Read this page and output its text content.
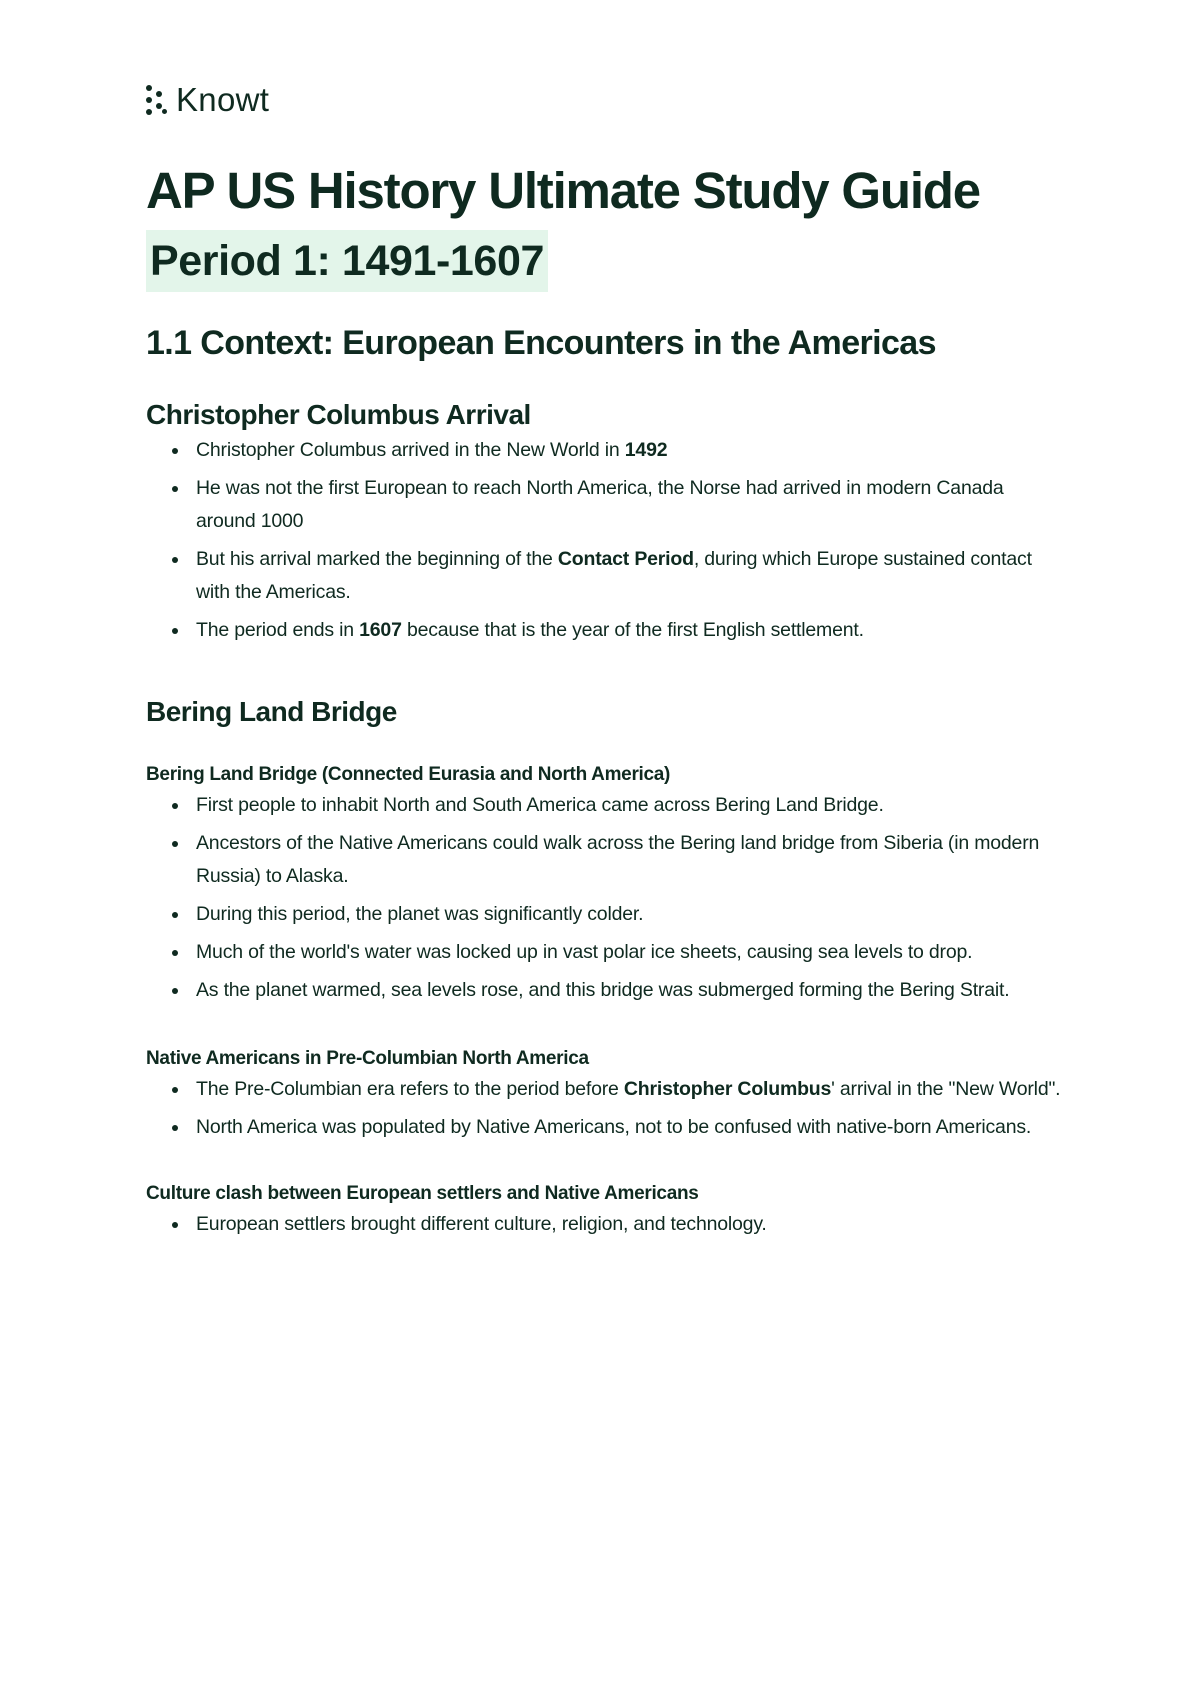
Knowt
AP US History Ultimate Study Guide
Period 1: 1491-1607
1.1 Context: European Encounters in the Americas
Christopher Columbus Arrival
Christopher Columbus arrived in the New World in 1492
He was not the first European to reach North America, the Norse had arrived in modern Canada around 1000
But his arrival marked the beginning of the Contact Period, during which Europe sustained contact with the Americas.
The period ends in 1607 because that is the year of the first English settlement.
Bering Land Bridge
Bering Land Bridge (Connected Eurasia and North America)
First people to inhabit North and South America came across Bering Land Bridge.
Ancestors of the Native Americans could walk across the Bering land bridge from Siberia (in modern Russia) to Alaska.
During this period, the planet was significantly colder.
Much of the world's water was locked up in vast polar ice sheets, causing sea levels to drop.
As the planet warmed, sea levels rose, and this bridge was submerged forming the Bering Strait.
Native Americans in Pre-Columbian North America
The Pre-Columbian era refers to the period before Christopher Columbus' arrival in the "New World".
North America was populated by Native Americans, not to be confused with native-born Americans.
Culture clash between European settlers and Native Americans
European settlers brought different culture, religion, and technology.
